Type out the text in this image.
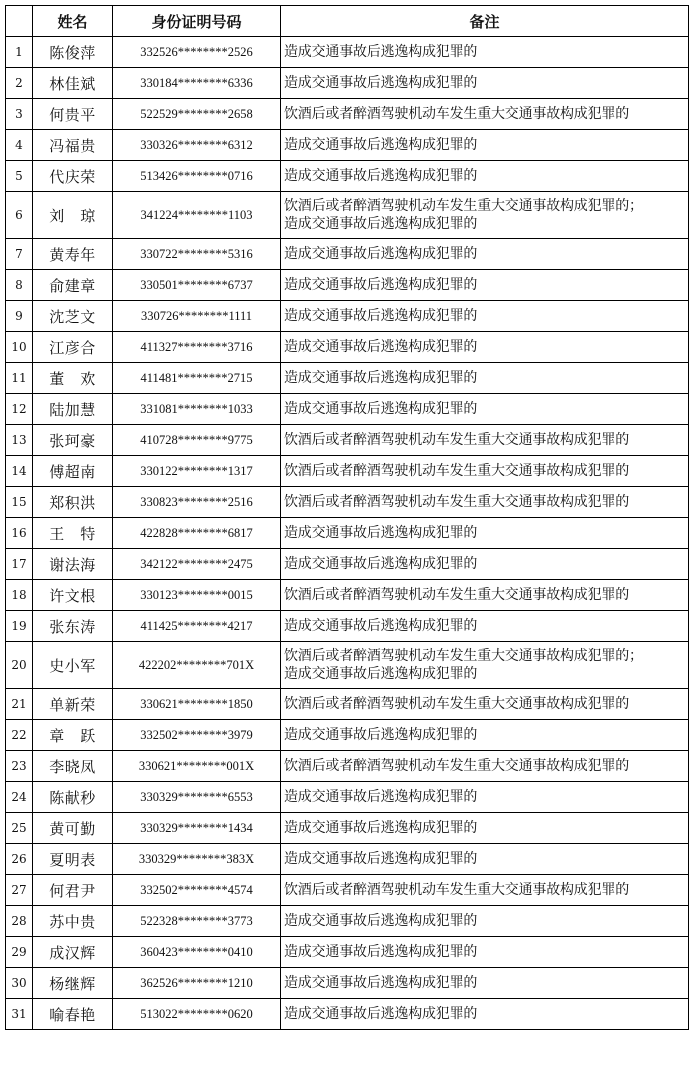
	姓名	身份证明号码	备注
1	陈俊萍	332526********2526	造成交通事故后逃逸构成犯罪的

2	林佳斌	330184********6336	造成交通事故后逃逸构成犯罪的

3	何贵平	522529********2658	饮酒后或者醉酒驾驶机动车发生重大交通事故构成犯罪的

4	冯福贵	330326********6312	造成交通事故后逃逸构成犯罪的

5	代庆荣	513426********0716	造成交通事故后逃逸构成犯罪的

6	刘　琼	341224********1103	饮酒后或者醉酒驾驶机动车发生重大交通事故构成犯罪的；
造成交通事故后逃逸构成犯罪的

7	黄寿年	330722********5316	造成交通事故后逃逸构成犯罪的

8	俞建章	330501********6737	造成交通事故后逃逸构成犯罪的

9	沈芝文	330726********1111	造成交通事故后逃逸构成犯罪的

10	江彦合	411327********3716	造成交通事故后逃逸构成犯罪的

11	董　欢	411481********2715	造成交通事故后逃逸构成犯罪的

12	陆加慧	331081********1033	造成交通事故后逃逸构成犯罪的

13	张珂豪	410728********9775	饮酒后或者醉酒驾驶机动车发生重大交通事故构成犯罪的

14	傅超南	330122********1317	饮酒后或者醉酒驾驶机动车发生重大交通事故构成犯罪的

15	郑积洪	330823********2516	饮酒后或者醉酒驾驶机动车发生重大交通事故构成犯罪的

16	王　特	422828********6817	造成交通事故后逃逸构成犯罪的

17	谢法海	342122********2475	造成交通事故后逃逸构成犯罪的

18	许文根	330123********0015	饮酒后或者醉酒驾驶机动车发生重大交通事故构成犯罪的

19	张东涛	411425********4217	造成交通事故后逃逸构成犯罪的

20	史小军	422202********701X	饮酒后或者醉酒驾驶机动车发生重大交通事故构成犯罪的；
造成交通事故后逃逸构成犯罪的

21	单新荣	330621********1850	饮酒后或者醉酒驾驶机动车发生重大交通事故构成犯罪的

22	章　跃	332502********3979	造成交通事故后逃逸构成犯罪的

23	李晓凤	330621********001X	饮酒后或者醉酒驾驶机动车发生重大交通事故构成犯罪的

24	陈献秒	330329********6553	造成交通事故后逃逸构成犯罪的

25	黄可勤	330329********1434	造成交通事故后逃逸构成犯罪的

26	夏明表	330329********383X	造成交通事故后逃逸构成犯罪的

27	何君尹	332502********4574	饮酒后或者醉酒驾驶机动车发生重大交通事故构成犯罪的

28	苏中贵	522328********3773	造成交通事故后逃逸构成犯罪的

29	成汉辉	360423********0410	造成交通事故后逃逸构成犯罪的

30	杨继辉	362526********1210	造成交通事故后逃逸构成犯罪的

31	喻春艳	513022********0620	造成交通事故后逃逸构成犯罪的
